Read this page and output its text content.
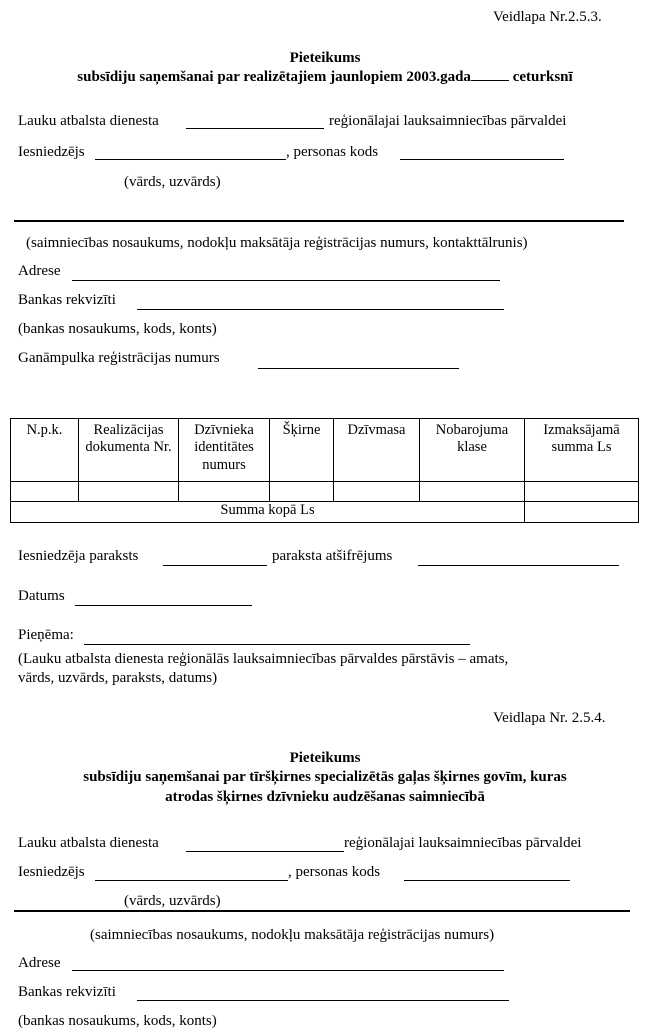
Veidlapa Nr.2.5.3.
Pieteikums
subsīdiju saņemšanai par realizētajiem jaunlopiem 2003.gada	ceturksnī
Lauku atbalsta dienesta	reģionālajai lauksaimniecības pārvaldei
Iesniedzējs	, personas kods
(vārds, uzvārds)
(saimniecības nosaukums, nodokļu maksātāja reģistrācijas numurs, kontakttālrunis)
Adrese
Bankas rekvizīti
(bankas nosaukums, kods, konts)
Ganāmpulka reģistrācijas numurs
N.p.k.	Realizācijas dokumenta Nr.	Dzīvnieka identitātes numurs	Šķirne	Dzīvmasa	Nobarojuma klase	Izmaksājamā summa Ls

Summa kopā Ls						
Iesniedzēja paraksts	paraksta atšifrējums
Datums
Pieņēma:
(Lauku atbalsta dienesta reģionālās lauksaimniecības pārvaldes pārstāvis – amats,
vārds, uzvārds, paraksts, datums)
Veidlapa Nr. 2.5.4.
Pieteikums
subsīdiju saņemšanai par tīršķirnes specializētās gaļas šķirnes govīm, kuras
atrodas šķirnes dzīvnieku audzēšanas saimniecībā
Lauku atbalsta dienesta	reģionālajai lauksaimniecības pārvaldei
Iesniedzējs	, personas kods
(vārds, uzvārds)
(saimniecības nosaukums, nodokļu maksātāja reģistrācijas numurs)
Adrese
Bankas rekvizīti
(bankas nosaukums, kods, konts)
